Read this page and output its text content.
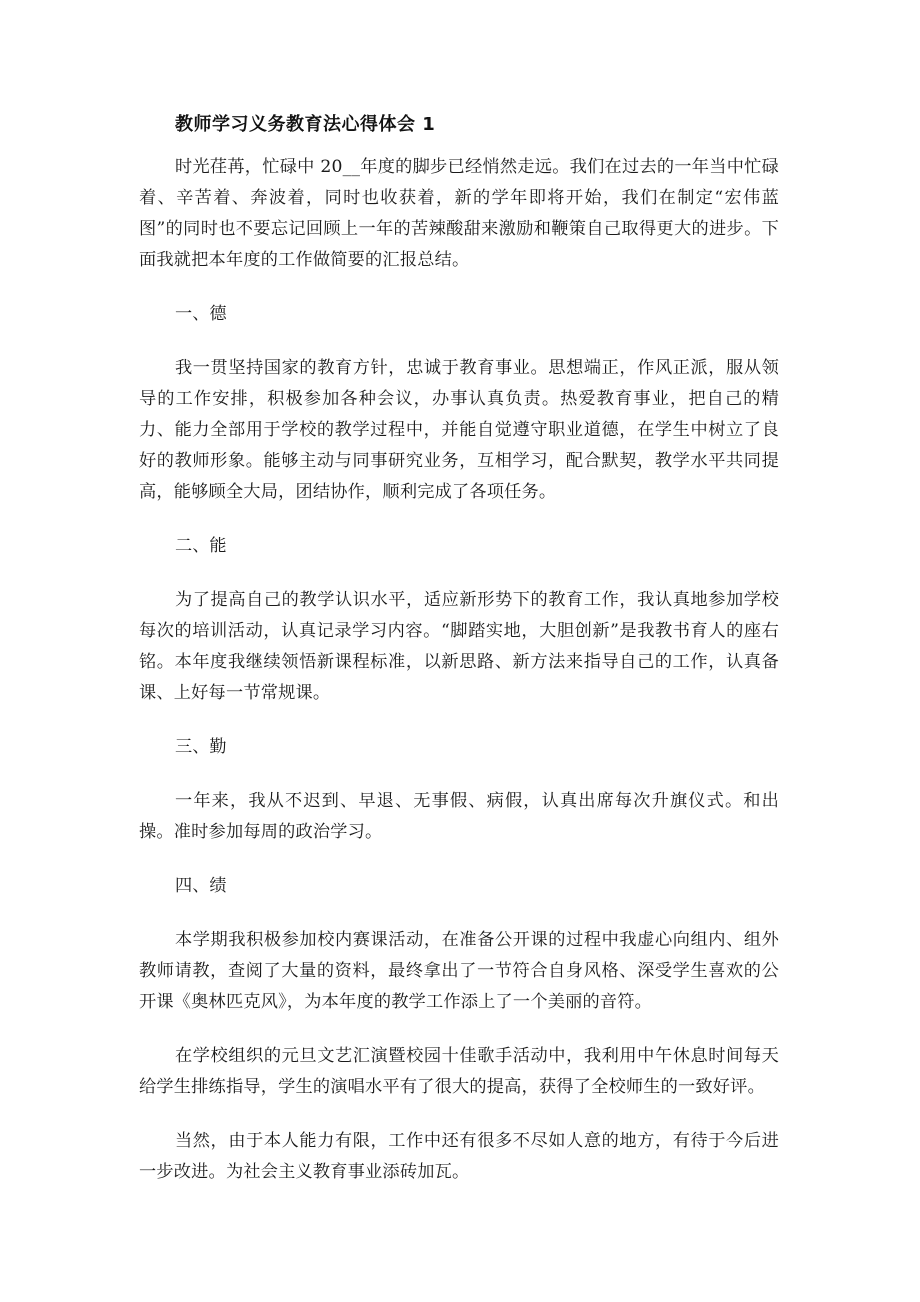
教师学习义务教育法心得体会 1

时光荏苒，忙碌中 20__年度的脚步已经悄然走远。我们在过去的一年当中忙碌着、辛苦着、奔波着，同时也收获着，新的学年即将开始，我们在制定“宏伟蓝图”的同时也不要忘记回顾上一年的苦辣酸甜来激励和鞭策自己取得更大的进步。下面我就把本年度的工作做简要的汇报总结。

一、德

我一贯坚持国家的教育方针，忠诚于教育事业。思想端正，作风正派，服从领导的工作安排，积极参加各种会议，办事认真负责。热爱教育事业，把自己的精力、能力全部用于学校的教学过程中，并能自觉遵守职业道德，在学生中树立了良好的教师形象。能够主动与同事研究业务，互相学习，配合默契，教学水平共同提高，能够顾全大局，团结协作，顺利完成了各项任务。

二、能

为了提高自己的教学认识水平，适应新形势下的教育工作，我认真地参加学校每次的培训活动，认真记录学习内容。“脚踏实地，大胆创新”是我教书育人的座右铭。本年度我继续领悟新课程标准，以新思路、新方法来指导自己的工作，认真备课、上好每一节常规课。

三、勤

一年来，我从不迟到、早退、无事假、病假，认真出席每次升旗仪式。和出操。准时参加每周的政治学习。

四、绩

本学期我积极参加校内赛课活动，在准备公开课的过程中我虚心向组内、组外教师请教，查阅了大量的资料，最终拿出了一节符合自身风格、深受学生喜欢的公开课《奥林匹克风》，为本年度的教学工作添上了一个美丽的音符。

在学校组织的元旦文艺汇演暨校园十佳歌手活动中，我利用中午休息时间每天给学生排练指导，学生的演唱水平有了很大的提高，获得了全校师生的一致好评。

当然，由于本人能力有限，工作中还有很多不尽如人意的地方，有待于今后进一步改进。为社会主义教育事业添砖加瓦。
